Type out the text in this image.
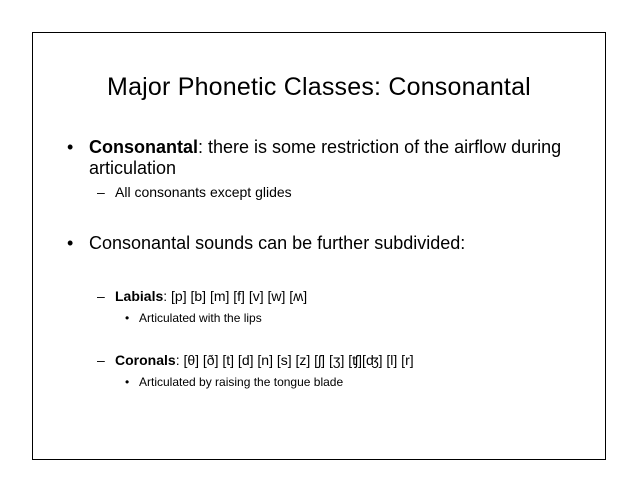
Major Phonetic Classes: Consonantal
• Consonantal: there is some restriction of the airflow during articulation
– All consonants except glides
• Consonantal sounds can be further subdivided:
– Labials: [p] [b] [m] [f] [v] [w] [ʍ]
• Articulated with the lips
– Coronals: [θ] [ð] [t] [d] [n] [s] [z] [ʃ] [ʒ] [ʧ][ʤ] [l] [r]
• Articulated by raising the tongue blade
